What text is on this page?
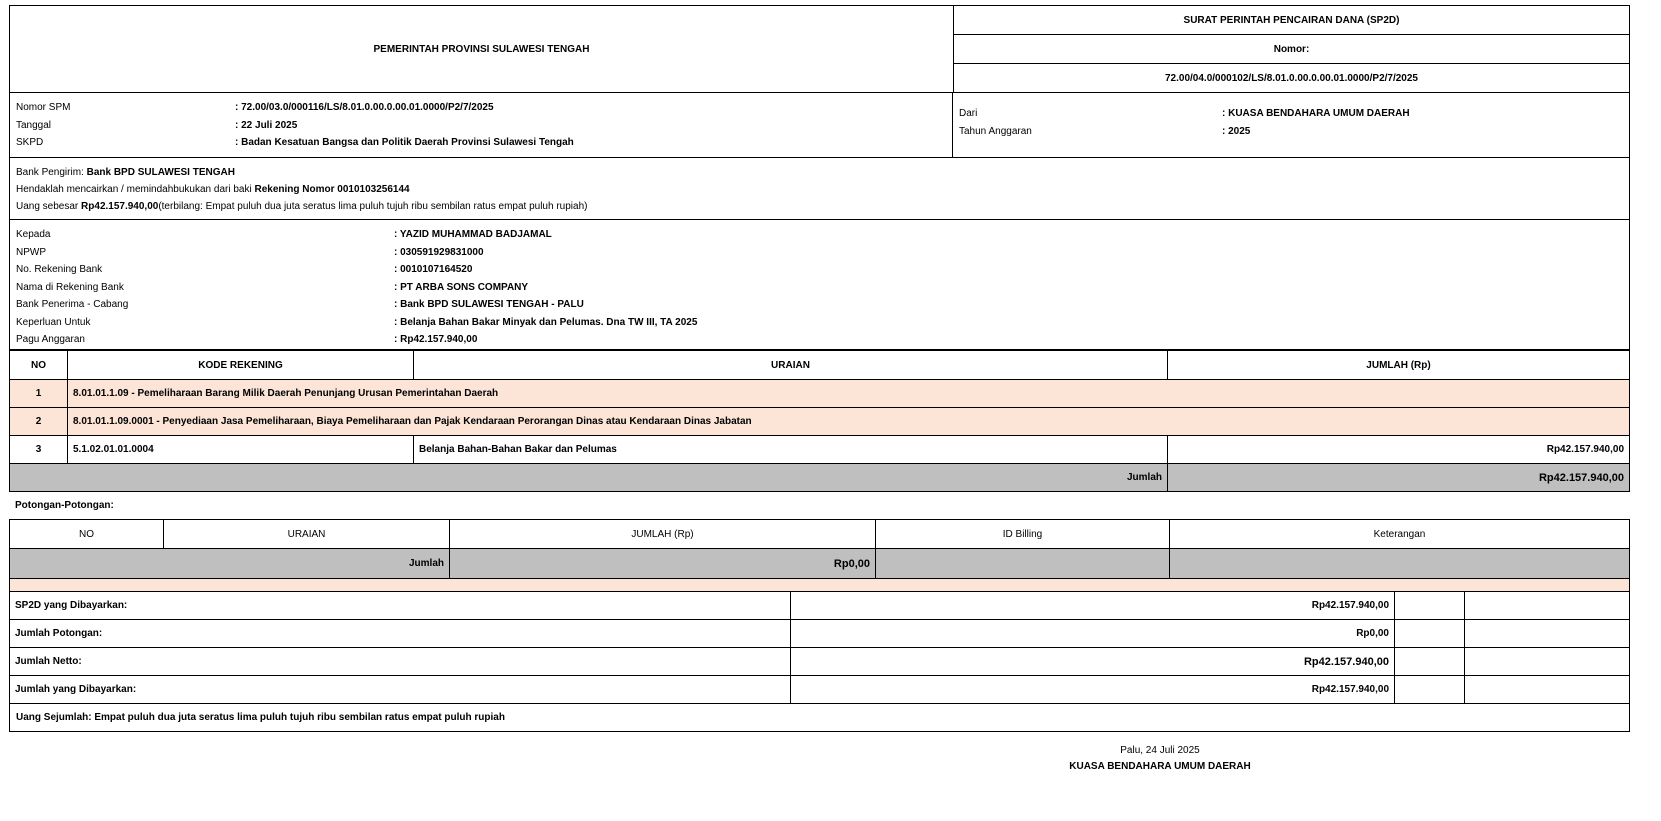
PEMERINTAH PROVINSI SULAWESI TENGAH
SURAT PERINTAH PENCAIRAN DANA (SP2D)
Nomor:
72.00/04.0/000102/LS/8.01.0.00.0.00.01.0000/P2/7/2025
Nomor SPM	: 72.00/03.0/000116/LS/8.01.0.00.0.00.01.0000/P2/7/2025
Tanggal	: 22 Juli 2025
SKPD	: Badan Kesatuan Bangsa dan Politik Daerah Provinsi Sulawesi Tengah
Dari	: KUASA BENDAHARA UMUM DAERAH
Tahun Anggaran	: 2025
Bank Pengirim:
Bank BPD SULAWESI TENGAH
Hendaklah mencairkan / memindahbukukan dari baki
Rekening Nomor 0010103256144
Uang sebesar
Rp42.157.940,00 (terbilang: Empat puluh dua juta seratus lima puluh tujuh ribu sembilan ratus empat puluh rupiah)
Kepada	: YAZID MUHAMMAD BADJAMAL
NPWP	: 030591929831000
No. Rekening Bank	: 0010107164520
Nama di Rekening Bank	: PT ARBA SONS COMPANY
Bank Penerima - Cabang	: Bank BPD SULAWESI TENGAH - PALU
Keperluan Untuk	: Belanja Bahan Bakar Minyak dan Pelumas. Dna TW III, TA 2025
Pagu Anggaran	: Rp42.157.940,00
NO	KODE REKENING	URAIAN	JUMLAH (Rp)
1	8.01.01.1.09 - Pemeliharaan Barang Milik Daerah Penunjang Urusan Pemerintahan Daerah		
2	8.01.01.1.09.0001 - Penyediaan Jasa Pemeliharaan, Biaya Pemeliharaan dan Pajak Kendaraan Perorangan Dinas atau Kendaraan Dinas Jabatan		
3	5.1.02.01.01.0004	Belanja Bahan-Bahan Bakar dan Pelumas	Rp42.157.940,00
Jumlah			Rp42.157.940,00
Potongan-Potongan:
NO	URAIAN	JUMLAH (Rp)	ID Billing	Keterangan
Jumlah		Rp0,00		
SP2D yang Dibayarkan:	Rp42.157.940,00		
Jumlah Potongan:	Rp0,00		
Jumlah Netto:	Rp42.157.940,00		
Jumlah yang Dibayarkan:	Rp42.157.940,00		
Uang Sejumlah: Empat puluh dua juta seratus lima puluh tujuh ribu sembilan ratus empat puluh rupiah
Palu, 24 Juli 2025
KUASA BENDAHARA UMUM DAERAH
